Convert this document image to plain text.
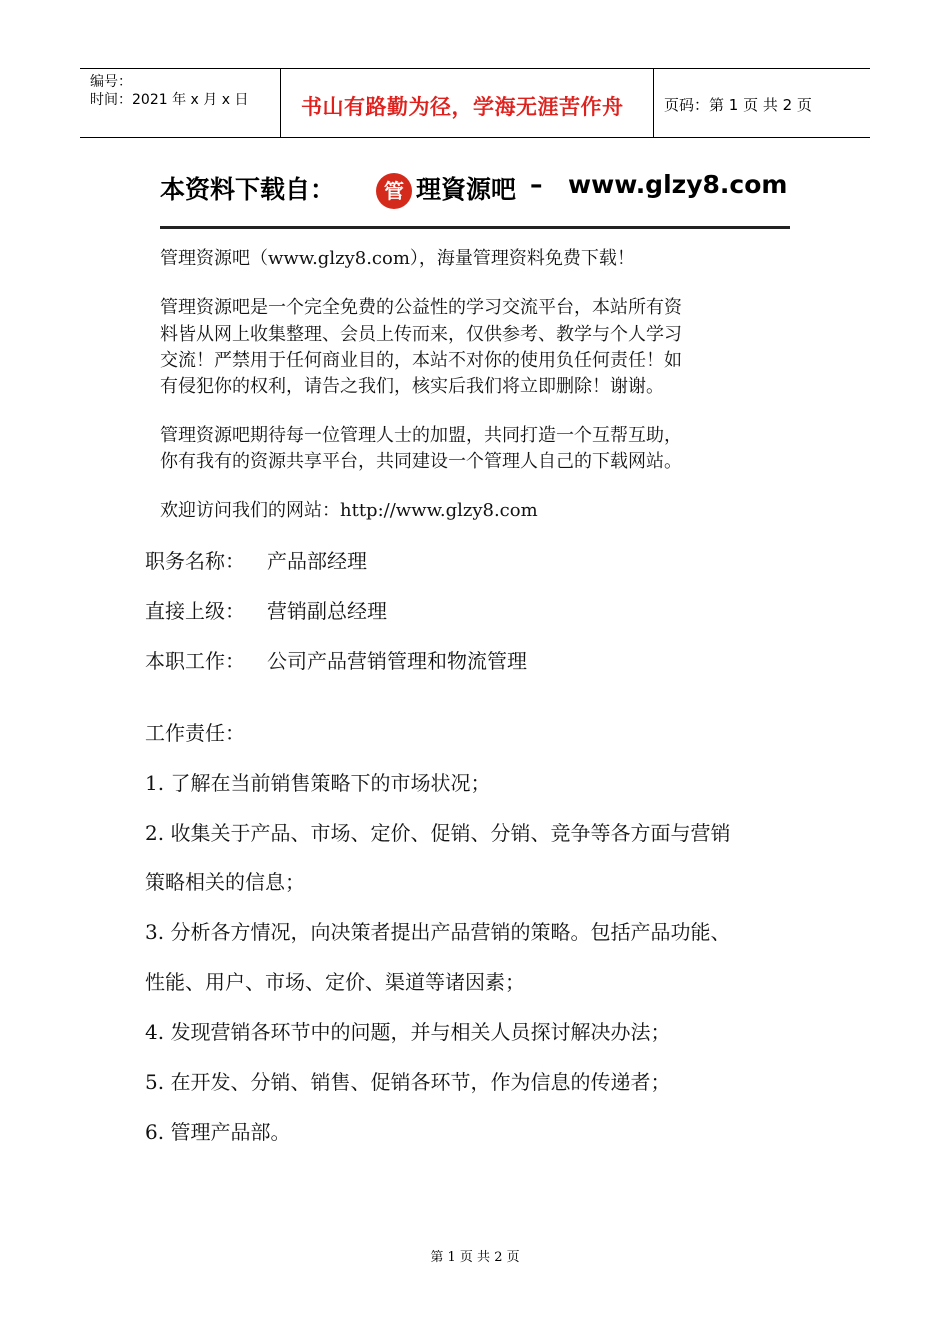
编号：
时间：2021 年 x 月 x 日	书山有路勤为径，学海无涯苦作舟	页码：第 1 页 共 2 页
本资料下载自：	管 理資源吧 – www.glzy8.com
管理资源吧（www.glzy8.com），海量管理资料免费下载！
管理资源吧是一个完全免费的公益性的学习交流平台，本站所有资
料皆从网上收集整理、会员上传而来，仅供参考、教学与个人学习
交流！严禁用于任何商业目的，本站不对你的使用负任何责任！如
有侵犯你的权利，请告之我们，核实后我们将立即删除！谢谢。
管理资源吧期待每一位管理人士的加盟，共同打造一个互帮互助，
你有我有的资源共享平台，共同建设一个管理人自己的下载网站。
欢迎访问我们的网站：http://www.glzy8.com
职务名称： 产品部经理
直接上级： 营销副总经理
本职工作： 公司产品营销管理和物流管理
工作责任：
1. 了解在当前销售策略下的市场状况；
2. 收集关于产品、市场、定价、促销、分销、竞争等各方面与营销
策略相关的信息；
3. 分析各方情况，向决策者提出产品营销的策略。包括产品功能、
性能、用户、市场、定价、渠道等诸因素；
4. 发现营销各环节中的问题，并与相关人员探讨解决办法；
5. 在开发、分销、销售、促销各环节，作为信息的传递者；
6. 管理产品部。
第 1 页 共 2 页
